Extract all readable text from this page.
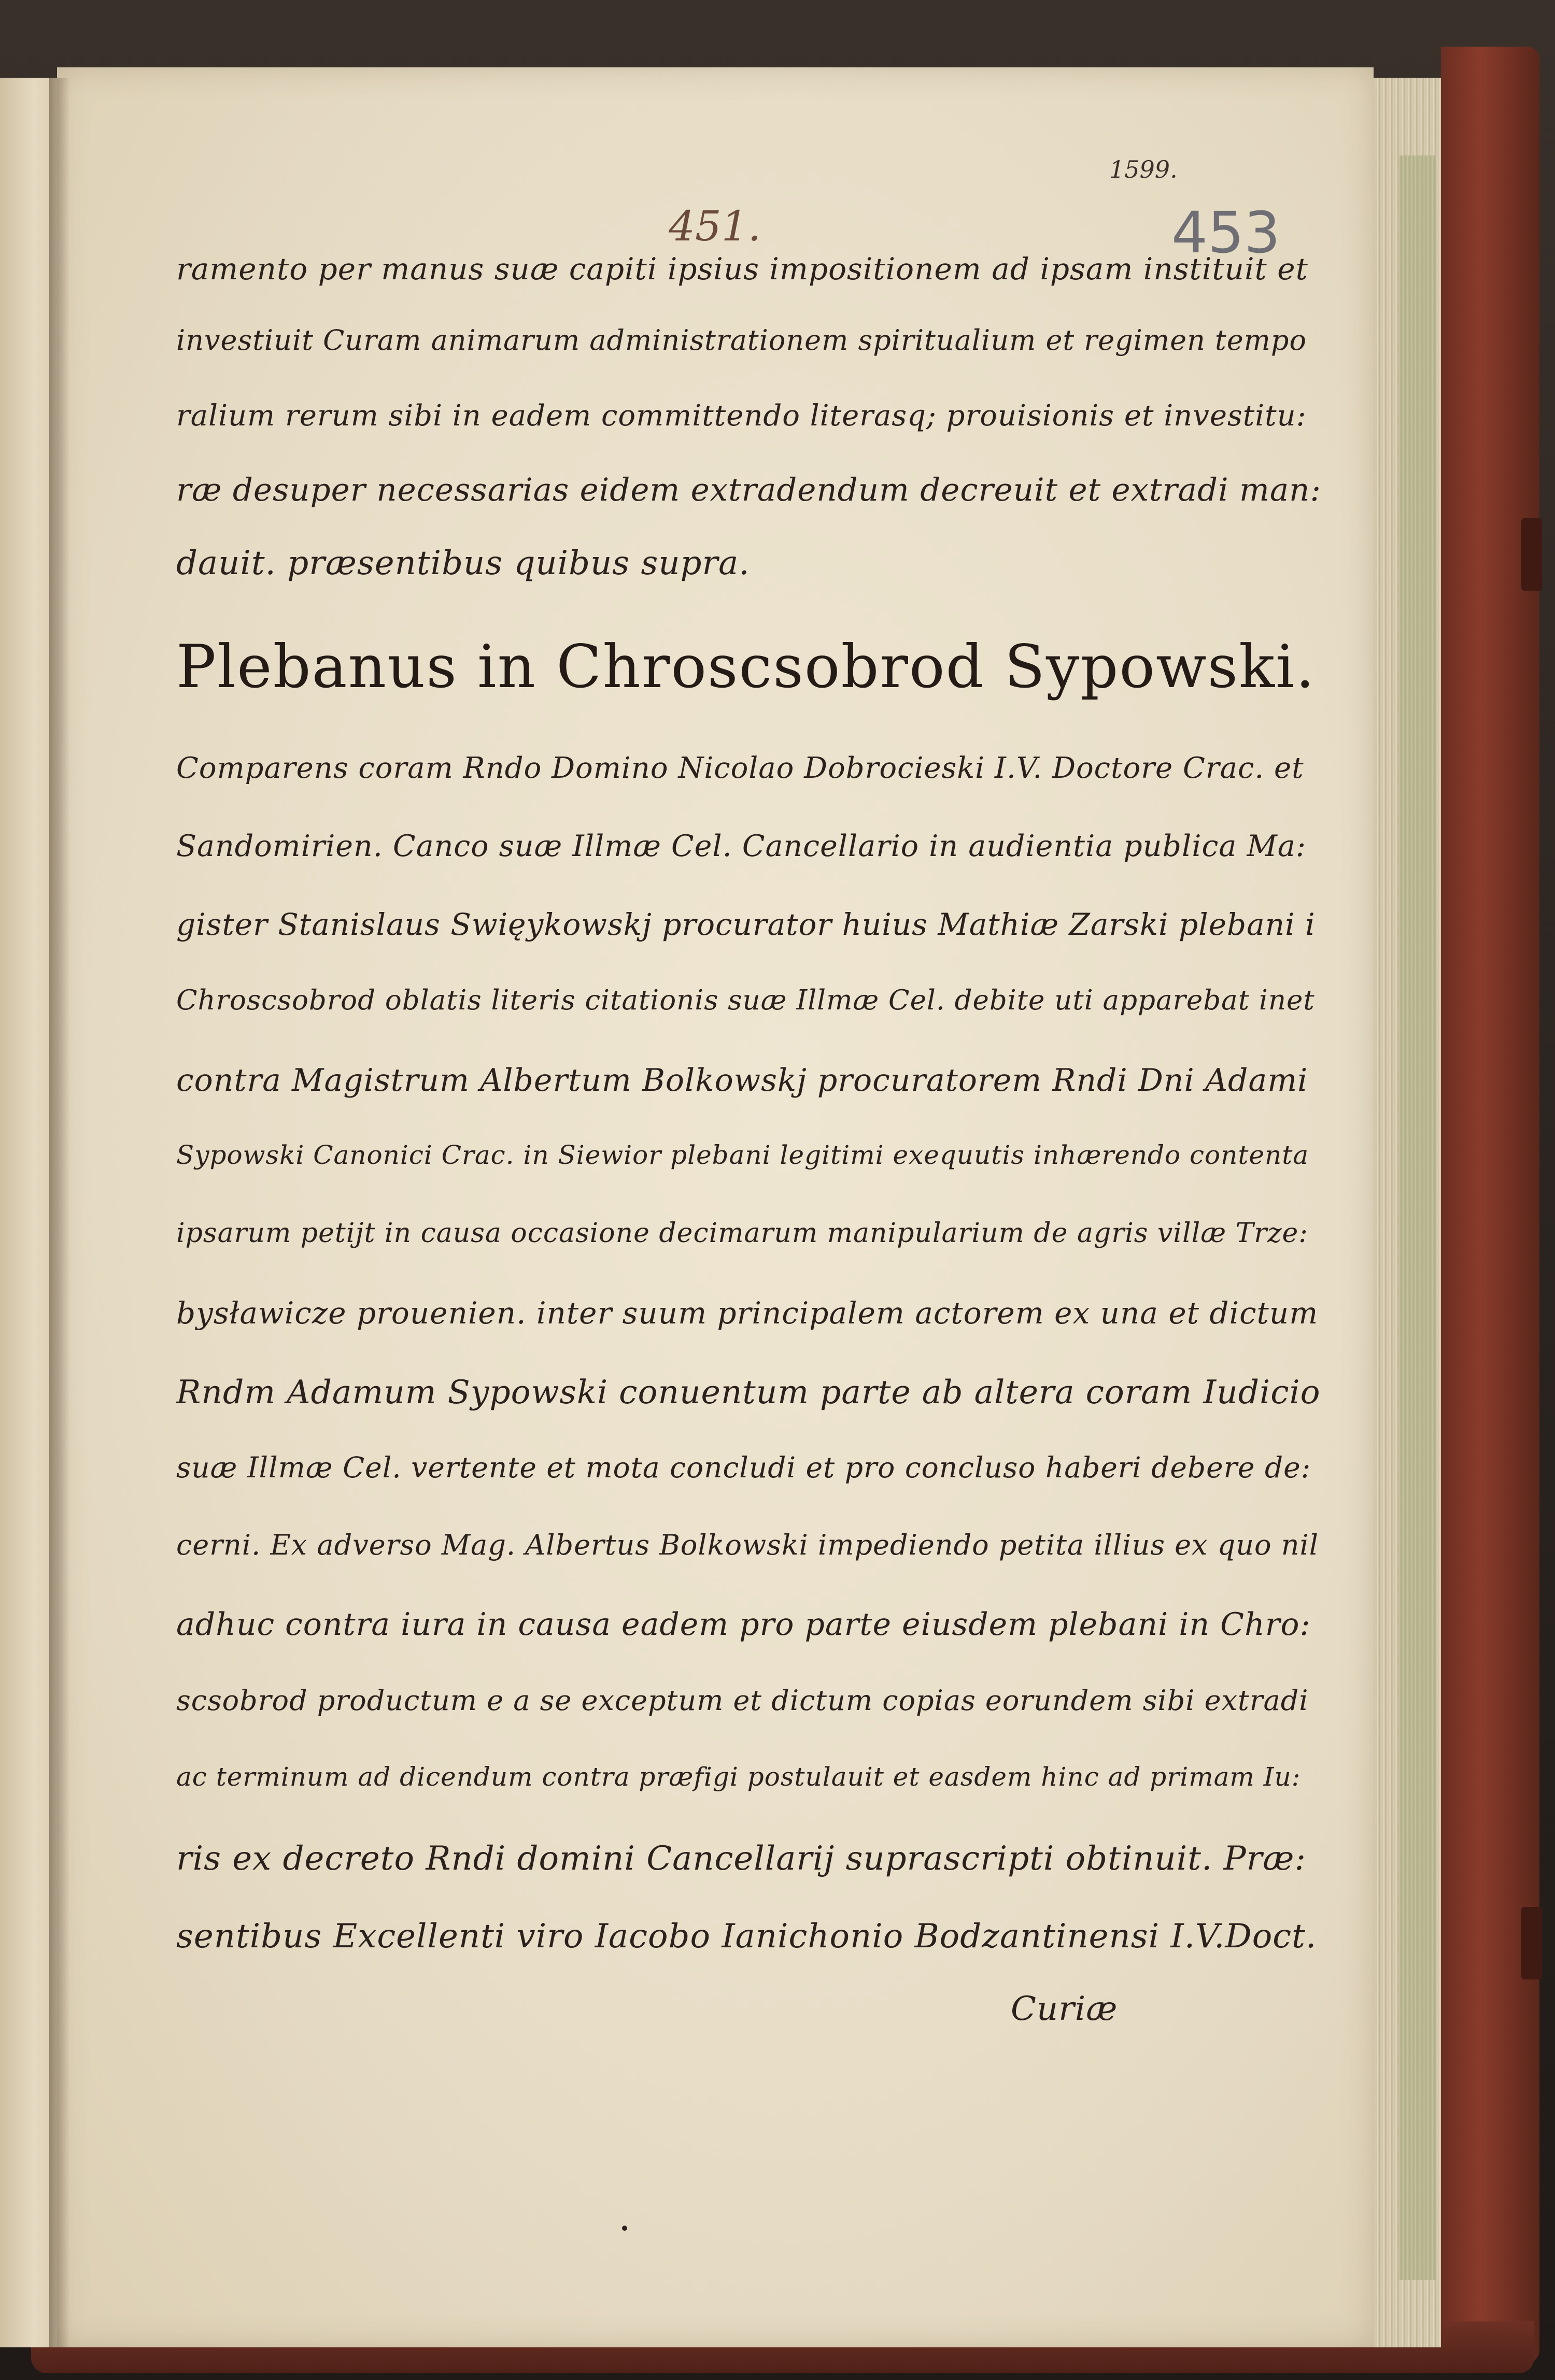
1599.
451.	453
ramento per manus suæ capiti ipsius impositionem ad ipsam instituit et
investiuit Curam animarum administrationem spiritualium et regimen tempo
ralium rerum sibi in eadem committendo literasq; prouisionis et investitu:
ræ desuper necessarias eidem extradendum decreuit et extradi man:
dauit. præsentibus quibus supra.
Plebanus in Chroscsobrod Sypowski.
Comparens coram Rndo Domino Nicolao Dobrocieski I.V. Doctore Crac. et
Sandomirien. Canco suæ Illmæ Cel. Cancellario in audientia publica Ma:
gister Stanislaus Swięykowskj procurator huius Mathiæ Zarski plebani i
Chroscsobrod oblatis literis citationis suæ Illmæ Cel. debite uti apparebat inet
contra Magistrum Albertum Bolkowskj procuratorem Rndi Dni Adami
Sypowski Canonici Crac. in Siewior plebani legitimi exequutis inhærendo contenta
ipsarum petijt in causa occasione decimarum manipularium de agris villæ Trze:
bysławicze prouenien. inter suum principalem actorem ex una et dictum
Rndm Adamum Sypowski conuentum parte ab altera coram Iudicio
suæ Illmæ Cel. vertente et mota concludi et pro concluso haberi debere de:
cerni. Ex adverso Mag. Albertus Bolkowski impediendo petita illius ex quo nil
adhuc contra iura in causa eadem pro parte eiusdem plebani in Chro:
scsobrod productum e a se exceptum et dictum copias eorundem sibi extradi
ac terminum ad dicendum contra præfigi postulauit et easdem hinc ad primam Iu:
ris ex decreto Rndi domini Cancellarij suprascripti obtinuit. Præ:
sentibus Excellenti viro Iacobo Ianichonio Bodzantinensi I.V.Doct.
Curiæ
